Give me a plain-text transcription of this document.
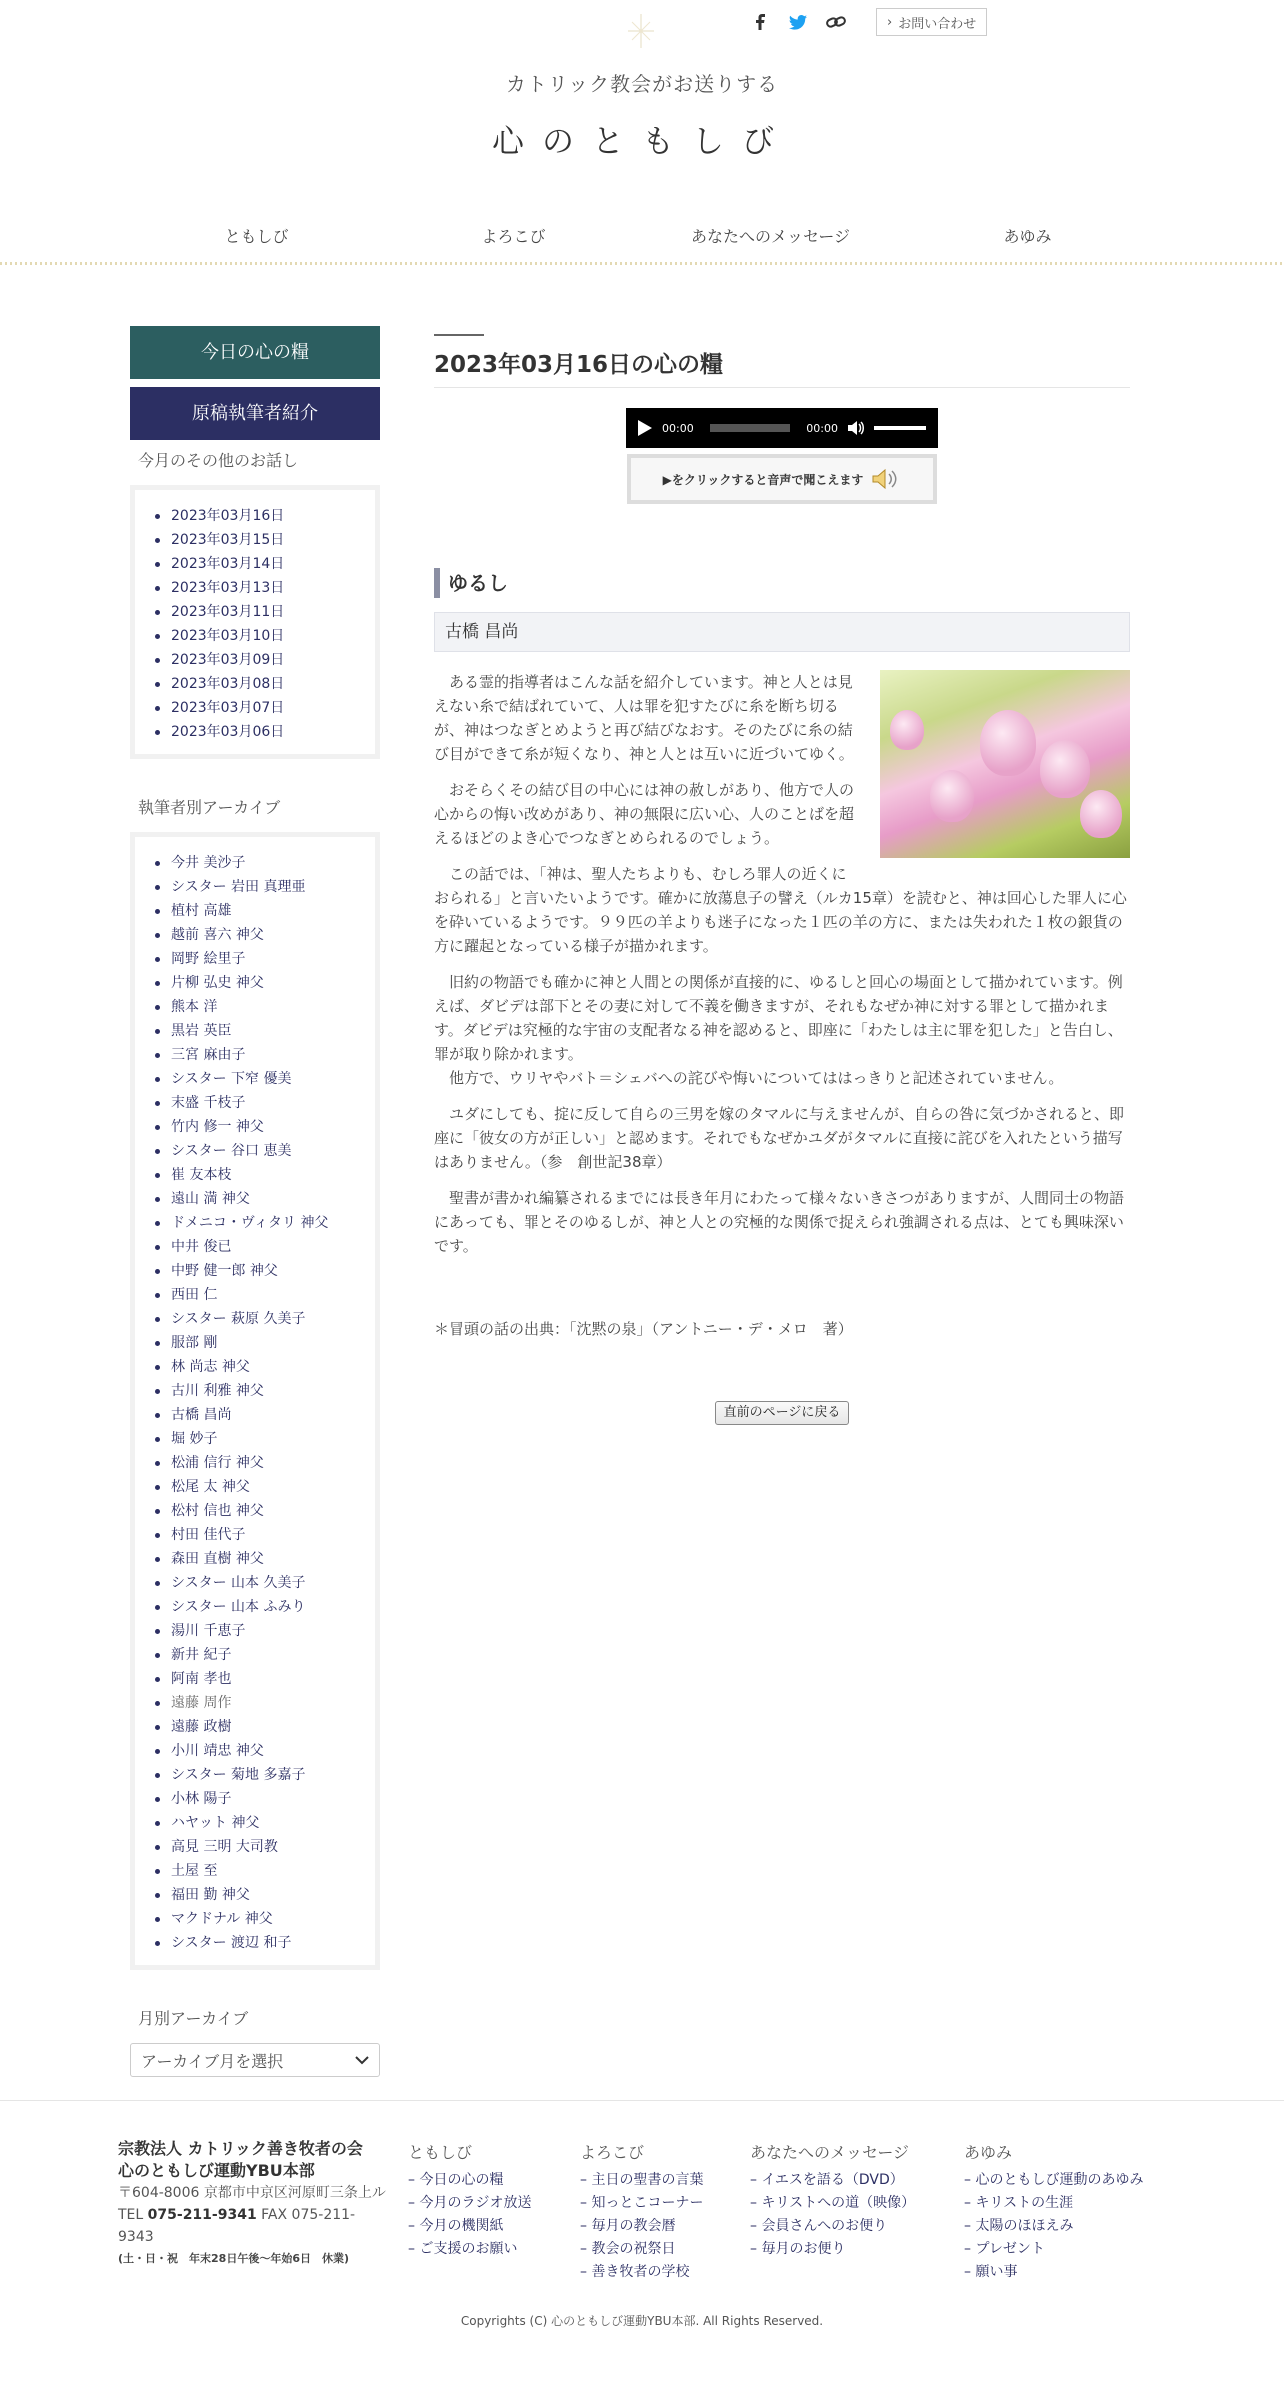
› お問い合わせ
カトリック教会がお送りする
心のともしび
ともしび	よろこび	あなたへのメッセージ	あゆみ
今日の心の糧
原稿執筆者紹介
今月のその他のお話し
2023年03月16日
2023年03月15日
2023年03月14日
2023年03月13日
2023年03月11日
2023年03月10日
2023年03月09日
2023年03月08日
2023年03月07日
2023年03月06日
執筆者別アーカイブ
今井 美沙子
シスター 岩田 真理亜
植村 高雄
越前 喜六 神父
岡野 絵里子
片柳 弘史 神父
熊本 洋
黒岩 英臣
三宮 麻由子
シスター 下窄 優美
末盛 千枝子
竹内 修一 神父
シスター 谷口 恵美
崔 友本枝
遠山 満 神父
ドメニコ・ヴィタリ 神父
中井 俊已
中野 健一郎 神父
西田 仁
シスター 萩原 久美子
服部 剛
林 尚志 神父
古川 利雅 神父
古橋 昌尚
堀 妙子
松浦 信行 神父
松尾 太 神父
松村 信也 神父
村田 佳代子
森田 直樹 神父
シスター 山本 久美子
シスター 山本 ふみり
湯川 千恵子
新井 紀子
阿南 孝也
遠藤 周作
遠藤 政樹
小川 靖忠 神父
シスター 菊地 多嘉子
小林 陽子
ハヤット 神父
高見 三明 大司教
土屋 至
福田 勤 神父
マクドナル 神父
シスター 渡辺 和子
月別アーカイブ
アーカイブ月を選択
2023年03月16日の心の糧
00:00	00:00
▶をクリックすると音声で聞こえます
ゆるし
古橋 昌尚

ある霊的指導者はこんな話を紹介しています。神と人とは見えない糸で結ばれていて、人は罪を犯すたびに糸を断ち切るが、神はつなぎとめようと再び結びなおす。そのたびに糸の結び目ができて糸が短くなり、神と人とは互いに近づいてゆく。

おそらくその結び目の中心には神の赦しがあり、他方で人の心からの悔い改めがあり、神の無限に広い心、人のことばを超えるほどのよき心でつなぎとめられるのでしょう。

この話では、「神は、聖人たちよりも、むしろ罪人の近くにおられる」と言いたいようです。確かに放蕩息子の譬え（ルカ15章）を読むと、神は回心した罪人に心を砕いているようです。９９匹の羊よりも迷子になった１匹の羊の方に、または失われた１枚の銀貨の方に躍起となっている様子が描かれます。

旧約の物語でも確かに神と人間との関係が直接的に、ゆるしと回心の場面として描かれています。例えば、ダビデは部下とその妻に対して不義を働きますが、それもなぜか神に対する罪として描かれます。ダビデは究極的な宇宙の支配者なる神を認めると、即座に「わたしは主に罪を犯した」と告白し、罪が取り除かれます。

他方で、ウリヤやバト＝シェバへの詫びや悔いについてははっきりと記述されていません。

ユダにしても、掟に反して自らの三男を嫁のタマルに与えませんが、自らの咎に気づかされると、即座に「彼女の方が正しい」と認めます。それでもなぜかユダがタマルに直接に詫びを入れたという描写はありません。（参　創世記38章）

聖書が書かれ編纂されるまでには長き年月にわたって様々ないきさつがありますが、人間同士の物語にあっても、罪とそのゆるしが、神と人との究極的な関係で捉えられ強調される点は、とても興味深いです。

＊冒頭の話の出典：「沈黙の泉」（アントニー・デ・メロ　著）
直前のページに戻る
宗教法人 カトリック善き牧者の会
心のともしび運動YBU本部
〒604-8006 京都市中京区河原町三条上ル
TEL 075-211-9341 FAX 075-211-9343
(土・日・祝　年末28日午後〜年始6日　休業)
ともしび
– 今日の心の糧
– 今月のラジオ放送
– 今月の機関紙
– ご支援のお願い
よろこび
– 主日の聖書の言葉
– 知っとこコーナー
– 毎月の教会暦
– 教会の祝祭日
– 善き牧者の学校
あなたへのメッセージ
– イエスを語る（DVD）
– キリストへの道（映像）
– 会員さんへのお便り
– 毎月のお便り
あゆみ
– 心のともしび運動のあゆみ
– キリストの生涯
– 太陽のほほえみ
– プレゼント
– 願い事
Copyrights (C) 心のともしび運動YBU本部. All Rights Reserved.
